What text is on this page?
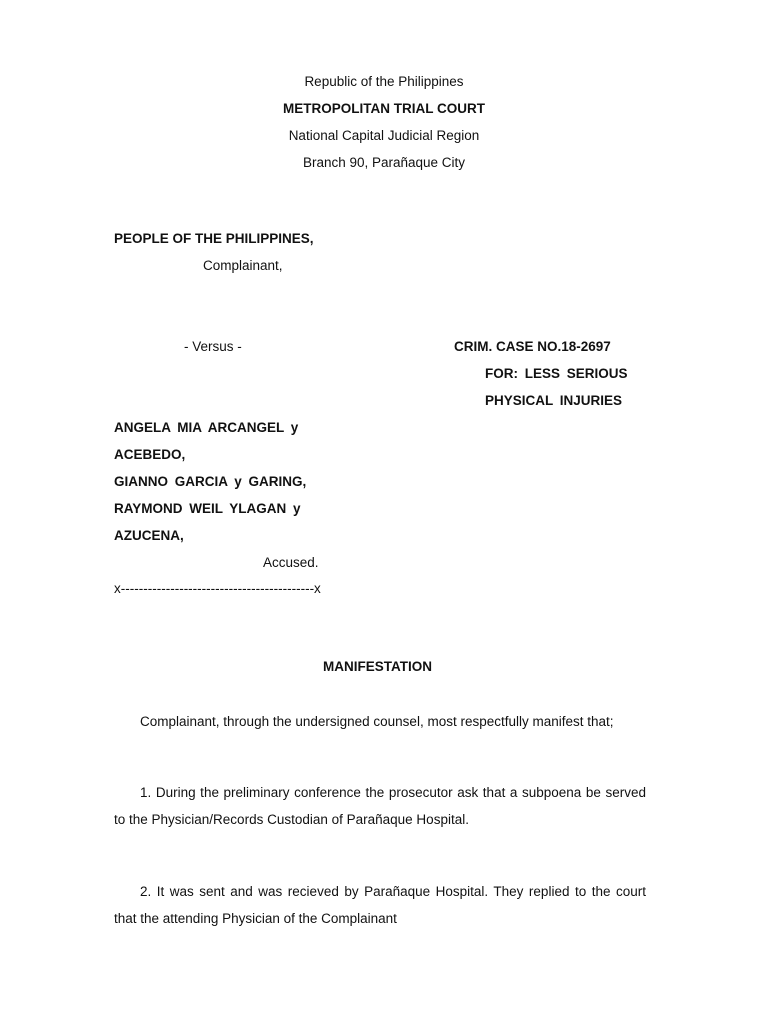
Republic of the Philippines
METROPOLITAN TRIAL COURT
National Capital Judicial Region
Branch 90, Parañaque City
PEOPLE OF THE PHILIPPINES,
Complainant,
- Versus -	CRIM. CASE NO.18-2697
FOR: LESS SERIOUS
PHYSICAL INJURIES
ANGELA MIA ARCANGEL y
ACEBEDO,
GIANNO GARCIA y GARING,
RAYMOND WEIL YLAGAN y
AZUCENA,
Accused.
x-------------------------------------------x
MANIFESTATION
Complainant, through the undersigned counsel, most respectfully manifest that;
1. During the preliminary conference the prosecutor ask that a subpoena be served to the Physician/Records Custodian of Parañaque Hospital.
2. It was sent and was recieved by Parañaque Hospital. They replied to the court that the attending Physician of the Complainant
